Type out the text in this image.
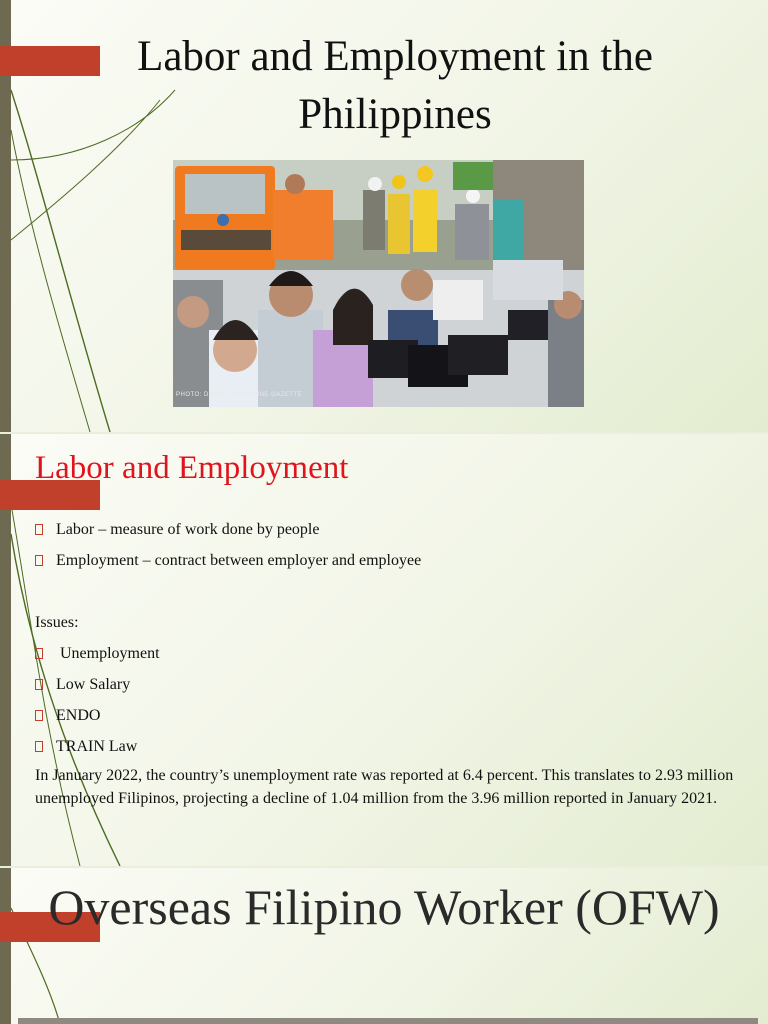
Labor and Employment in the Philippines
PHOTO: DPWH / PHILIPPINE GAZETTE
Labor and Employment
Labor – measure of work done by people
Employment – contract between employer and employee
Issues:
Unemployment
Low Salary
ENDO
TRAIN Law
In January 2022, the country’s unemployment rate was reported at 6.4 percent. This translates to 2.93 million unemployed Filipinos, projecting a decline of 1.04 million from the 3.96 million reported in January 2021.
Overseas Filipino Worker (OFW)
